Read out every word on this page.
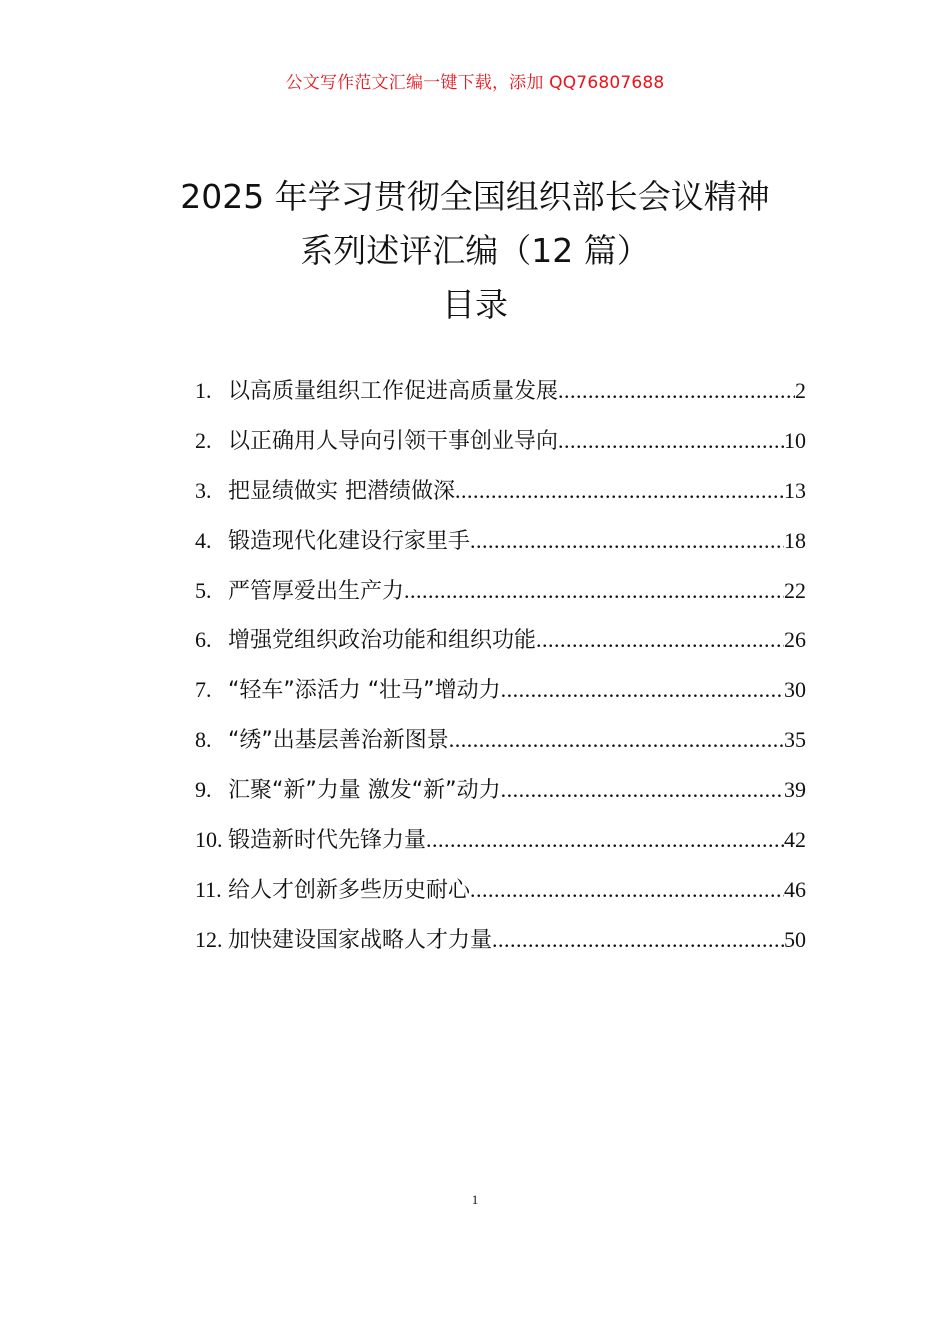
公文写作范文汇编一键下载，添加 QQ76807688
2025 年学习贯彻全国组织部长会议精神
系列述评汇编（12 篇）
目录
1. 以高质量组织工作促进高质量发展 .....	2
2. 以正确用人导向引领干事创业导向 .....	10
3. 把显绩做实 把潜绩做深 .....	13
4. 锻造现代化建设行家里手 .....	18
5. 严管厚爱出生产力 .....	22
6. 增强党组织政治功能和组织功能 .....	26
7. “轻车”添活力 “壮马”增动力 .....	30
8. “绣”出基层善治新图景 .....	35
9. 汇聚“新”力量 激发“新”动力 .....	39
10. 锻造新时代先锋力量 .....	42
11. 给人才创新多些历史耐心 .....	46
12. 加快建设国家战略人才力量 .....	50
1
